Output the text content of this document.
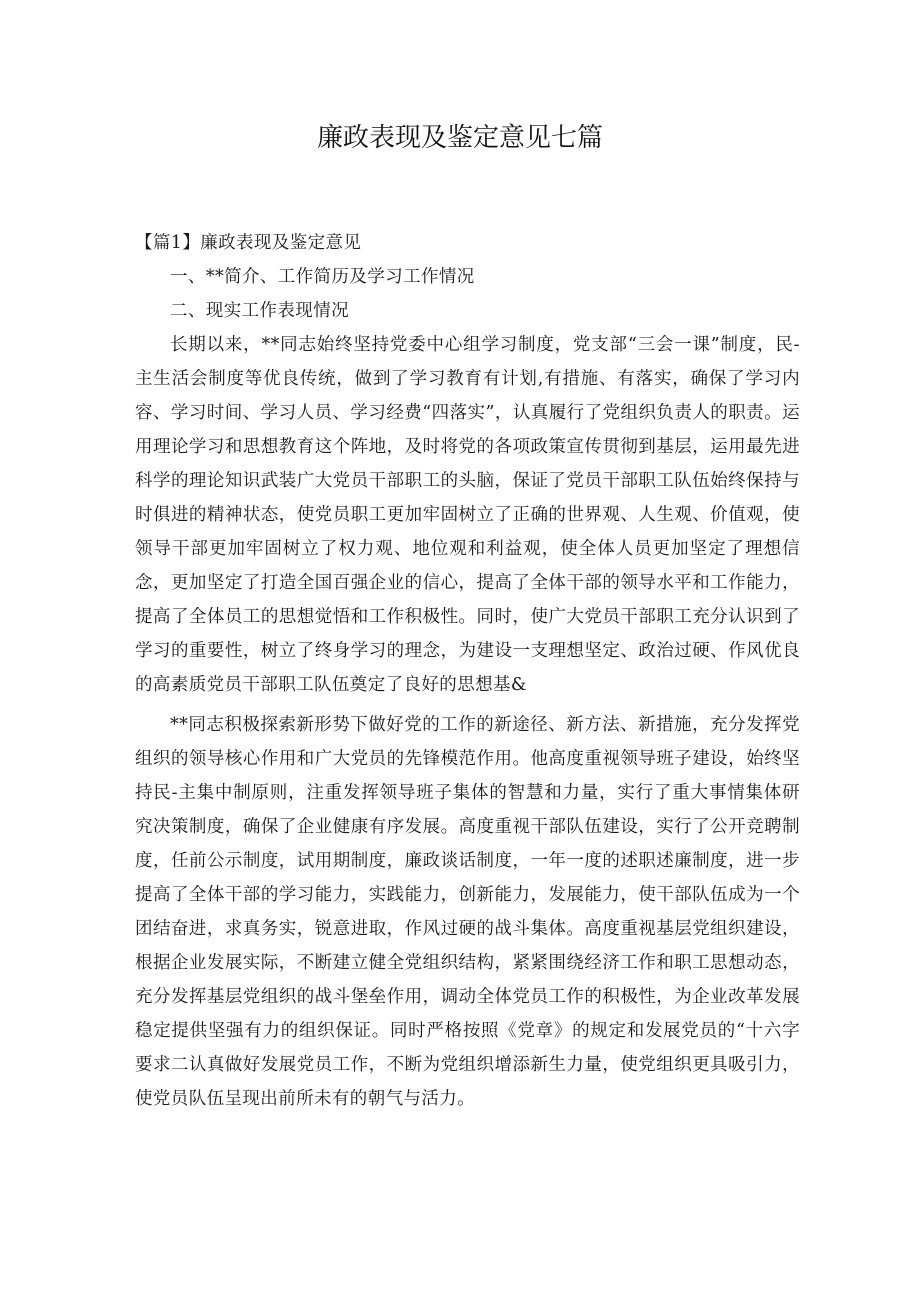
廉政表现及鉴定意见七篇

【篇1】廉政表现及鉴定意见

一、**简介、工作简历及学习工作情况

二、现实工作表现情况

长期以来，**同志始终坚持党委中心组学习制度，党支部“三会一课”制度，民-主生活会制度等优良传统，做到了学习教育有计划,有措施、有落实，确保了学习内容、学习时间、学习人员、学习经费“四落实”，认真履行了党组织负责人的职责。运用理论学习和思想教育这个阵地，及时将党的各项政策宣传贯彻到基层，运用最先进科学的理论知识武装广大党员干部职工的头脑，保证了党员干部职工队伍始终保持与时俱进的精神状态，使党员职工更加牢固树立了正确的世界观、人生观、价值观，使领导干部更加牢固树立了权力观、地位观和利益观，使全体人员更加坚定了理想信念，更加坚定了打造全国百强企业的信心，提高了全体干部的领导水平和工作能力，提高了全体员工的思想觉悟和工作积极性。同时，使广大党员干部职工充分认识到了学习的重要性，树立了终身学习的理念，为建设一支理想坚定、政治过硬、作风优良的高素质党员干部职工队伍奠定了良好的思想基&

**同志积极探索新形势下做好党的工作的新途径、新方法、新措施，充分发挥党组织的领导核心作用和广大党员的先锋模范作用。他高度重视领导班子建设，始终坚持民-主集中制原则，注重发挥领导班子集体的智慧和力量，实行了重大事情集体研究决策制度，确保了企业健康有序发展。高度重视干部队伍建设，实行了公开竞聘制度，任前公示制度，试用期制度，廉政谈话制度，一年一度的述职述廉制度，进一步提高了全体干部的学习能力，实践能力，创新能力，发展能力，使干部队伍成为一个团结奋进，求真务实，锐意进取，作风过硬的战斗集体。高度重视基层党组织建设，根据企业发展实际，不断建立健全党组织结构，紧紧围绕经济工作和职工思想动态，充分发挥基层党组织的战斗堡垒作用，调动全体党员工作的积极性，为企业改革发展稳定提供坚强有力的组织保证。同时严格按照《党章》的规定和发展党员的“十六字要求二认真做好发展党员工作，不断为党组织增添新生力量，使党组织更具吸引力，使党员队伍呈现出前所未有的朝气与活力。
